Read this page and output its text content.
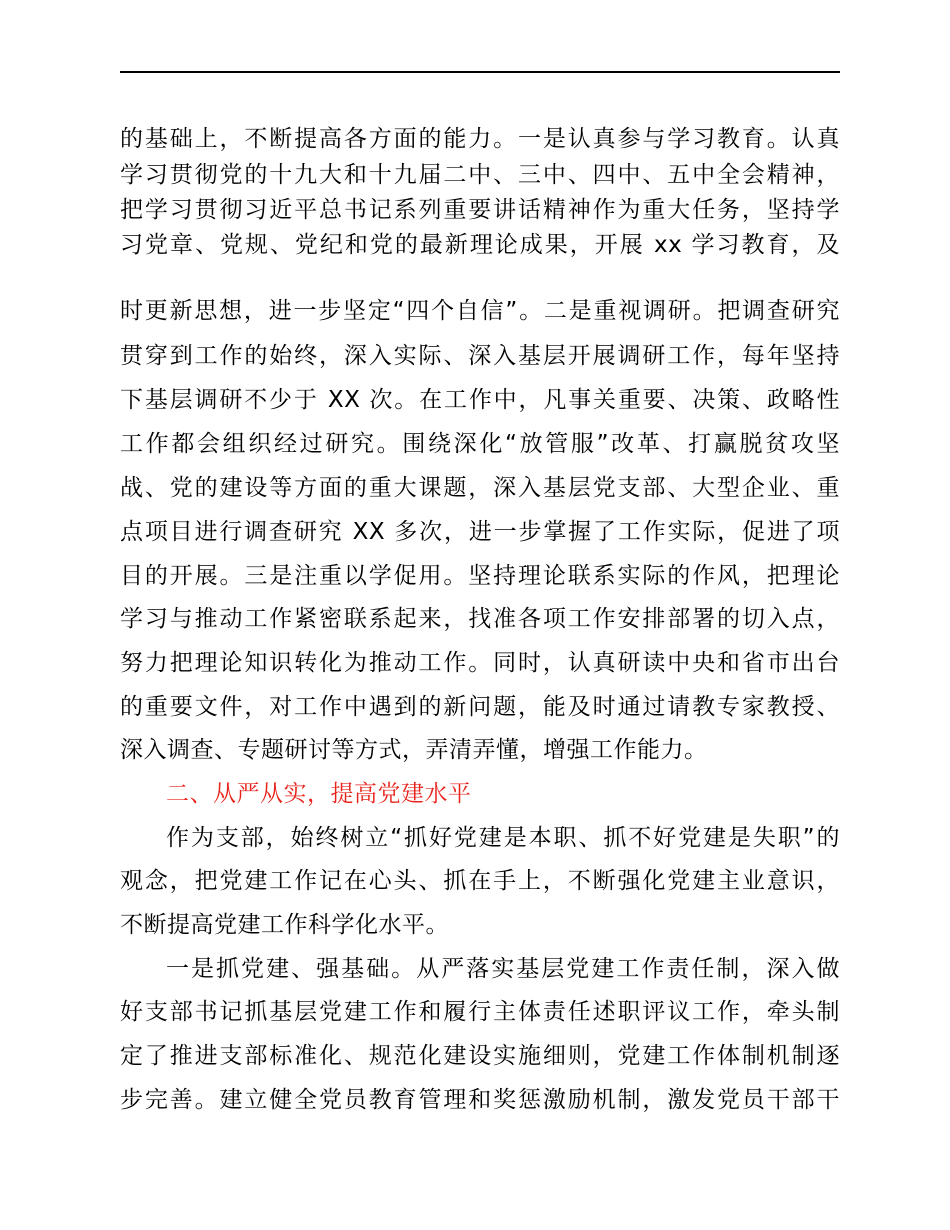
的基础上，不断提高各方面的能力。一是认真参与学习教育。认真
学习贯彻党的十九大和十九届二中、三中、四中、五中全会精神，
把学习贯彻习近平总书记系列重要讲话精神作为重大任务，坚持学
习党章、党规、党纪和党的最新理论成果，开展 xx 学习教育，及
时更新思想，进一步坚定“四个自信”。二是重视调研。把调查研究
贯穿到工作的始终，深入实际、深入基层开展调研工作，每年坚持
下基层调研不少于 XX 次。在工作中，凡事关重要、决策、政略性
工作都会组织经过研究。围绕深化“放管服”改革、打赢脱贫攻坚
战、党的建设等方面的重大课题，深入基层党支部、大型企业、重
点项目进行调查研究 XX 多次，进一步掌握了工作实际，促进了项
目的开展。三是注重以学促用。坚持理论联系实际的作风，把理论
学习与推动工作紧密联系起来，找准各项工作安排部署的切入点，
努力把理论知识转化为推动工作。同时，认真研读中央和省市出台
的重要文件，对工作中遇到的新问题，能及时通过请教专家教授、
深入调查、专题研讨等方式，弄清弄懂，增强工作能力。
二、从严从实，提高党建水平
作为支部，始终树立“抓好党建是本职、抓不好党建是失职”的
观念，把党建工作记在心头、抓在手上，不断强化党建主业意识，
不断提高党建工作科学化水平。
一是抓党建、强基础。从严落实基层党建工作责任制，深入做
好支部书记抓基层党建工作和履行主体责任述职评议工作，牵头制
定了推进支部标准化、规范化建设实施细则，党建工作体制机制逐
步完善。建立健全党员教育管理和奖惩激励机制，激发党员干部干
